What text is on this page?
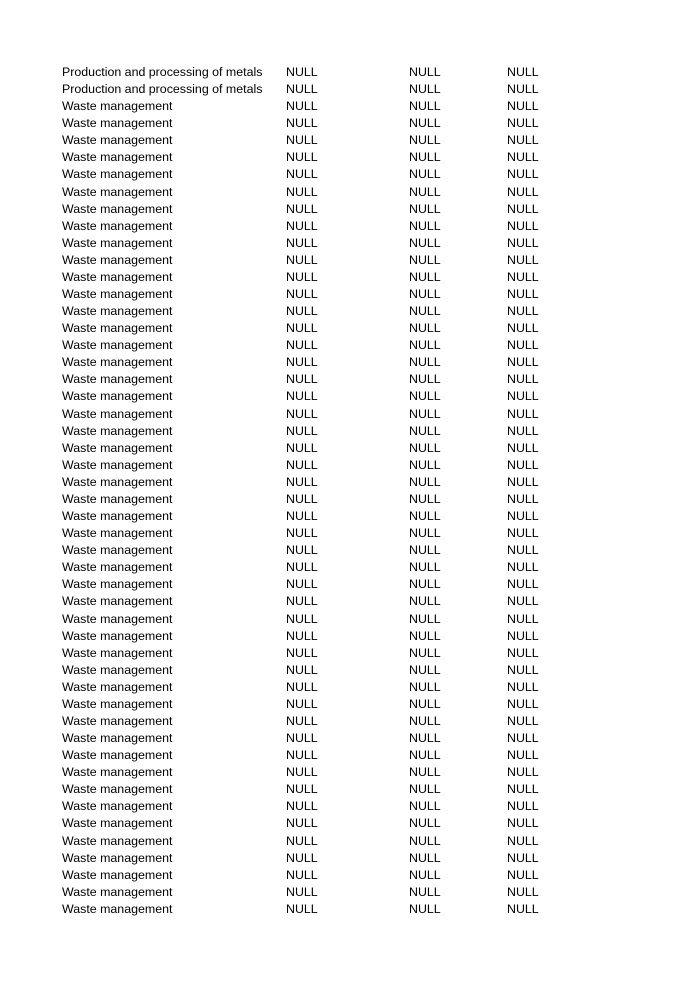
Production and processing of metals NULL	NULL	NULL
Production and processing of metals NULL	NULL	NULL
Waste management	NULL	NULL	NULL
Waste management	NULL	NULL	NULL
Waste management	NULL	NULL	NULL
Waste management	NULL	NULL	NULL
Waste management	NULL	NULL	NULL
Waste management	NULL	NULL	NULL
Waste management	NULL	NULL	NULL
Waste management	NULL	NULL	NULL
Waste management	NULL	NULL	NULL
Waste management	NULL	NULL	NULL
Waste management	NULL	NULL	NULL
Waste management	NULL	NULL	NULL
Waste management	NULL	NULL	NULL
Waste management	NULL	NULL	NULL
Waste management	NULL	NULL	NULL
Waste management	NULL	NULL	NULL
Waste management	NULL	NULL	NULL
Waste management	NULL	NULL	NULL
Waste management	NULL	NULL	NULL
Waste management	NULL	NULL	NULL
Waste management	NULL	NULL	NULL
Waste management	NULL	NULL	NULL
Waste management	NULL	NULL	NULL
Waste management	NULL	NULL	NULL
Waste management	NULL	NULL	NULL
Waste management	NULL	NULL	NULL
Waste management	NULL	NULL	NULL
Waste management	NULL	NULL	NULL
Waste management	NULL	NULL	NULL
Waste management	NULL	NULL	NULL
Waste management	NULL	NULL	NULL
Waste management	NULL	NULL	NULL
Waste management	NULL	NULL	NULL
Waste management	NULL	NULL	NULL
Waste management	NULL	NULL	NULL
Waste management	NULL	NULL	NULL
Waste management	NULL	NULL	NULL
Waste management	NULL	NULL	NULL
Waste management	NULL	NULL	NULL
Waste management	NULL	NULL	NULL
Waste management	NULL	NULL	NULL
Waste management	NULL	NULL	NULL
Waste management	NULL	NULL	NULL
Waste management	NULL	NULL	NULL
Waste management	NULL	NULL	NULL
Waste management	NULL	NULL	NULL
Waste management	NULL	NULL	NULL
Waste management	NULL	NULL	NULL
